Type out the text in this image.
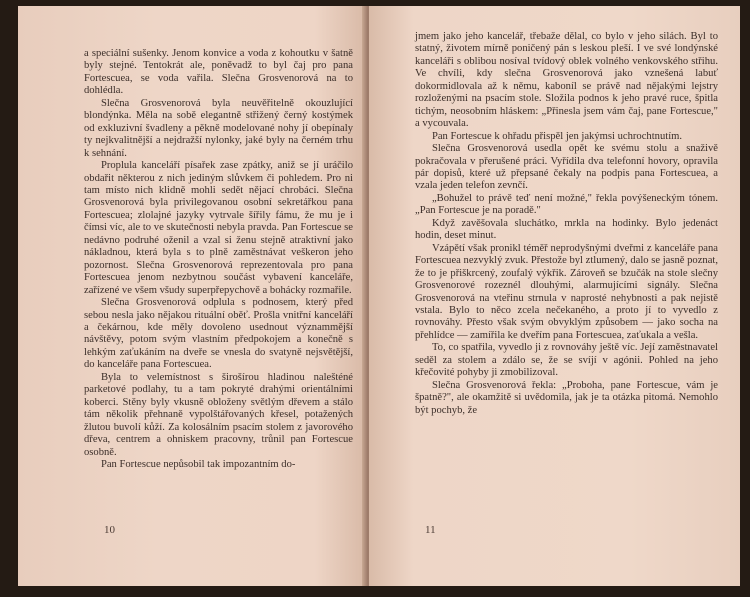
a speciální sušenky. Jenom konvice a voda z kohoutku v šatně byly stejné. Tentokrát ale, poněvadž to byl čaj pro pana Fortescuea, se voda vařila. Slečna Grosvenorová na to dohlédla.

Slečna Grosvenorová byla neuvěřitelně okouzlující blondýnka. Měla na sobě elegantně střižený černý kostýmek od exkluzivní švadleny a pěkně modelované nohy jí obepínaly ty nejkvalitnější a nejdražší nylonky, jaké byly na černém trhu k sehnání.

Proplula kanceláří písařek zase zpátky, aniž se jí uráčilo obdařit některou z nich jediným slůvkem či pohledem. Pro ni tam místo nich klidně mohli sedět nějací chrobáci. Slečna Grosvenorová byla privilegovanou osobní sekretářkou pana Fortescuea; zlolajné jazyky vytrvale šířily fámu, že mu je i čímsi víc, ale to ve skutečnosti nebyla pravda. Pan Fortescue se nedávno podruhé oženil a vzal si ženu stejně atraktivní jako nákladnou, která byla s to plně zaměstnávat veškeron jeho pozornost. Slečna Grosvenorová reprezentovala pro pana Fortescuea jenom nezbytnou součást vybavení kanceláře, zařízené ve všem všudy superpřepychově a bohácky rozmařile.

Slečna Grosvenorová odplula s podnosem, který před sebou nesla jako nějakou rituální oběť. Prošla vnitřní kanceláří a čekárnou, kde měly dovoleno usednout význammější návštěvy, potom svým vlastním předpokojem a konečně s lehkým zaťukáním na dveře se vnesla do svatyně nejsvětější, do kanceláře pana Fortescuea.

Byla to velemístnost s širošírou hladinou nalešténé parketové podlahy, tu a tam pokryté drahými orientálními koberci. Stěny byly vkusně obloženy světlým dřevem a stálo tám několik přehnaně vypolštářovaných křesel, potažených žlutou buvolí kůží. Za kolosálním psacím stolem z javorového dřeva, centrem a ohniskem pracovny, trůnil pan Fortescue osobně.

Pan Fortescue nepůsobil tak impozantním do-

10

jmem jako jeho kancelář, třebaže dělal, co bylo v jeho silách. Byl to statný, životem mírně poničený pán s leskou pleší. I ve své londýnské kanceláři s oblibou nosíval tvídový oblek volného venkovského střihu. Ve chvíli, kdy slečna Grosvenorová jako vznešená labuť dokormidlovala až k němu, kaboníl se právě nad nějakými lejstry rozloženými na psacím stole. Složila podnos k jeho pravé ruce, špitla tichým, neosobním hláskem: „Přinesla jsem vám čaj, pane Fortescue," a vycouvala.

Pan Fortescue k ohřadu přispěl jen jakýmsi uchrochtnutím.

Slečna Grosvenorová usedla opět ke svému stolu a snaživě pokračovala v přerušené práci. Vyřídila dva telefonní hovory, opravila pár dopisů, které už přepsané čekaly na podpis pana Fortescuea, a vzala jeden telefon zevnčí.

„Bohužel to právě teď není možné," řekla povýšeneckým tónem. „Pan Fortescue je na poradě."

Když zavěšovala sluchátko, mrkla na hodinky. Bylo jedenáct hodin, deset minut.

Vzápětí však pronikl téměř neprodyšnými dveřmi z kanceláře pana Fortescuea nezvyklý zvuk. Přestože byl ztlumený, dalo se jasně poznat, že to je přiškrcený, zoufalý výkřik. Zároveň se bzučák na stole slečny Grosvenorové rozeznél dlouhými, alarmujícími signály. Slečna Grosvenorová na vteřinu strnula v naprosté nehybnosti a pak nejistě vstala. Bylo to něco zcela nečekaného, a proto jí to vyvedlo z rovnováhy. Přesto však svým obvyklým způsobem — jako socha na přehlídce — zamířila ke dveřím pana Fortescuea, zaťukala a vešla.

To, co spatřila, vyvedlo ji z rovnováhy ještě víc. Její zaměstnavatel seděl za stolem a zdálo se, že se svíjí v agónii. Pohled na jeho křečovité pohyby ji zmobilizoval.

Slečna Grosvenorová řekla: „Proboha, pane Fortescue, vám je špatně?", ale okamžitě si uvědomila, jak je ta otázka pitomá. Nemohlo být pochyb, že

11
